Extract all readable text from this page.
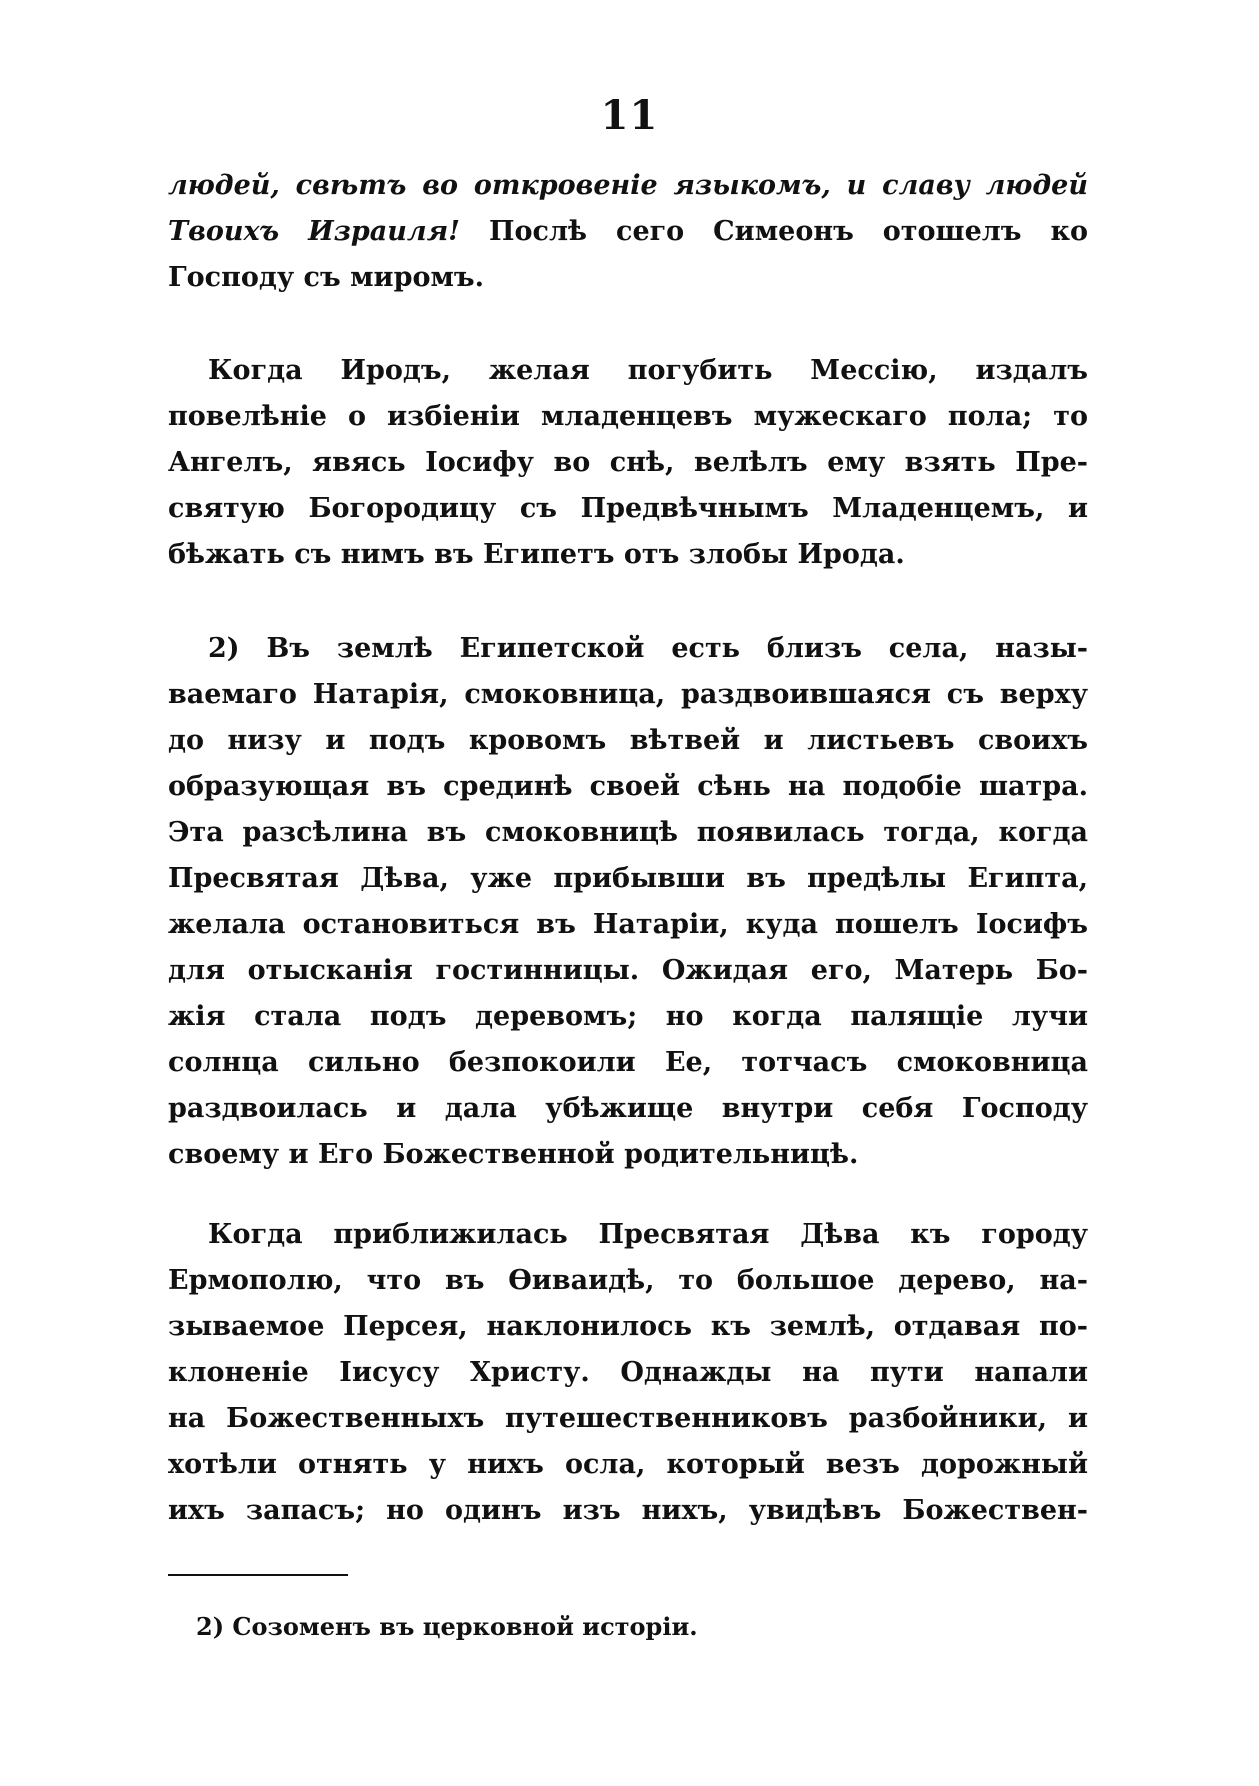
11
людей, свѣтъ во откровеніе языкомъ, и славу людей
Твоихъ Израиля! Послѣ сего Симеонъ отошелъ ко
Господу съ миромъ.
Когда Иродъ, желая погубить Мессію, издалъ
повелѣніе о избіеніи младенцевъ мужескаго пола; то
Ангелъ, явясь Іосифу во снѣ, велѣлъ ему взять Пре-
святую Богородицу съ Предвѣчнымъ Младенцемъ, и
бѣжать съ нимъ въ Египетъ отъ злобы Ирода.
2) Въ землѣ Египетской есть близъ села, назы-
ваемаго Натарія, смоковница, раздвоившаяся съ верху
до низу и подъ кровомъ вѣтвей и листьевъ своихъ
образующая въ срединѣ своей сѣнь на подобіе шатра.
Эта разсѣлина въ смоковницѣ появилась тогда, когда
Пресвятая Дѣва, уже прибывши въ предѣлы Египта,
желала остановиться въ Натаріи, куда пошелъ Іосифъ
для отысканія гостинницы. Ожидая его, Матерь Бо-
жія стала подъ деревомъ; но когда палящіе лучи
солнца сильно безпокоили Ее, тотчасъ смоковница
раздвоилась и дала убѣжище внутри себя Господу
своему и Его Божественной родительницѣ.
Когда приближилась Пресвятая Дѣва къ городу
Ермополю, что въ Ѳиваидѣ, то большое дерево, на-
зываемое Персея, наклонилось къ землѣ, отдавая по-
клоненіе Іисусу Христу. Однажды на пути напали
на Божественныхъ путешественниковъ разбойники, и
хотѣли отнять у нихъ осла, который везъ дорожный
ихъ запасъ; но одинъ изъ нихъ, увидѣвъ Божествен-
2) Созоменъ въ церковной исторіи.
